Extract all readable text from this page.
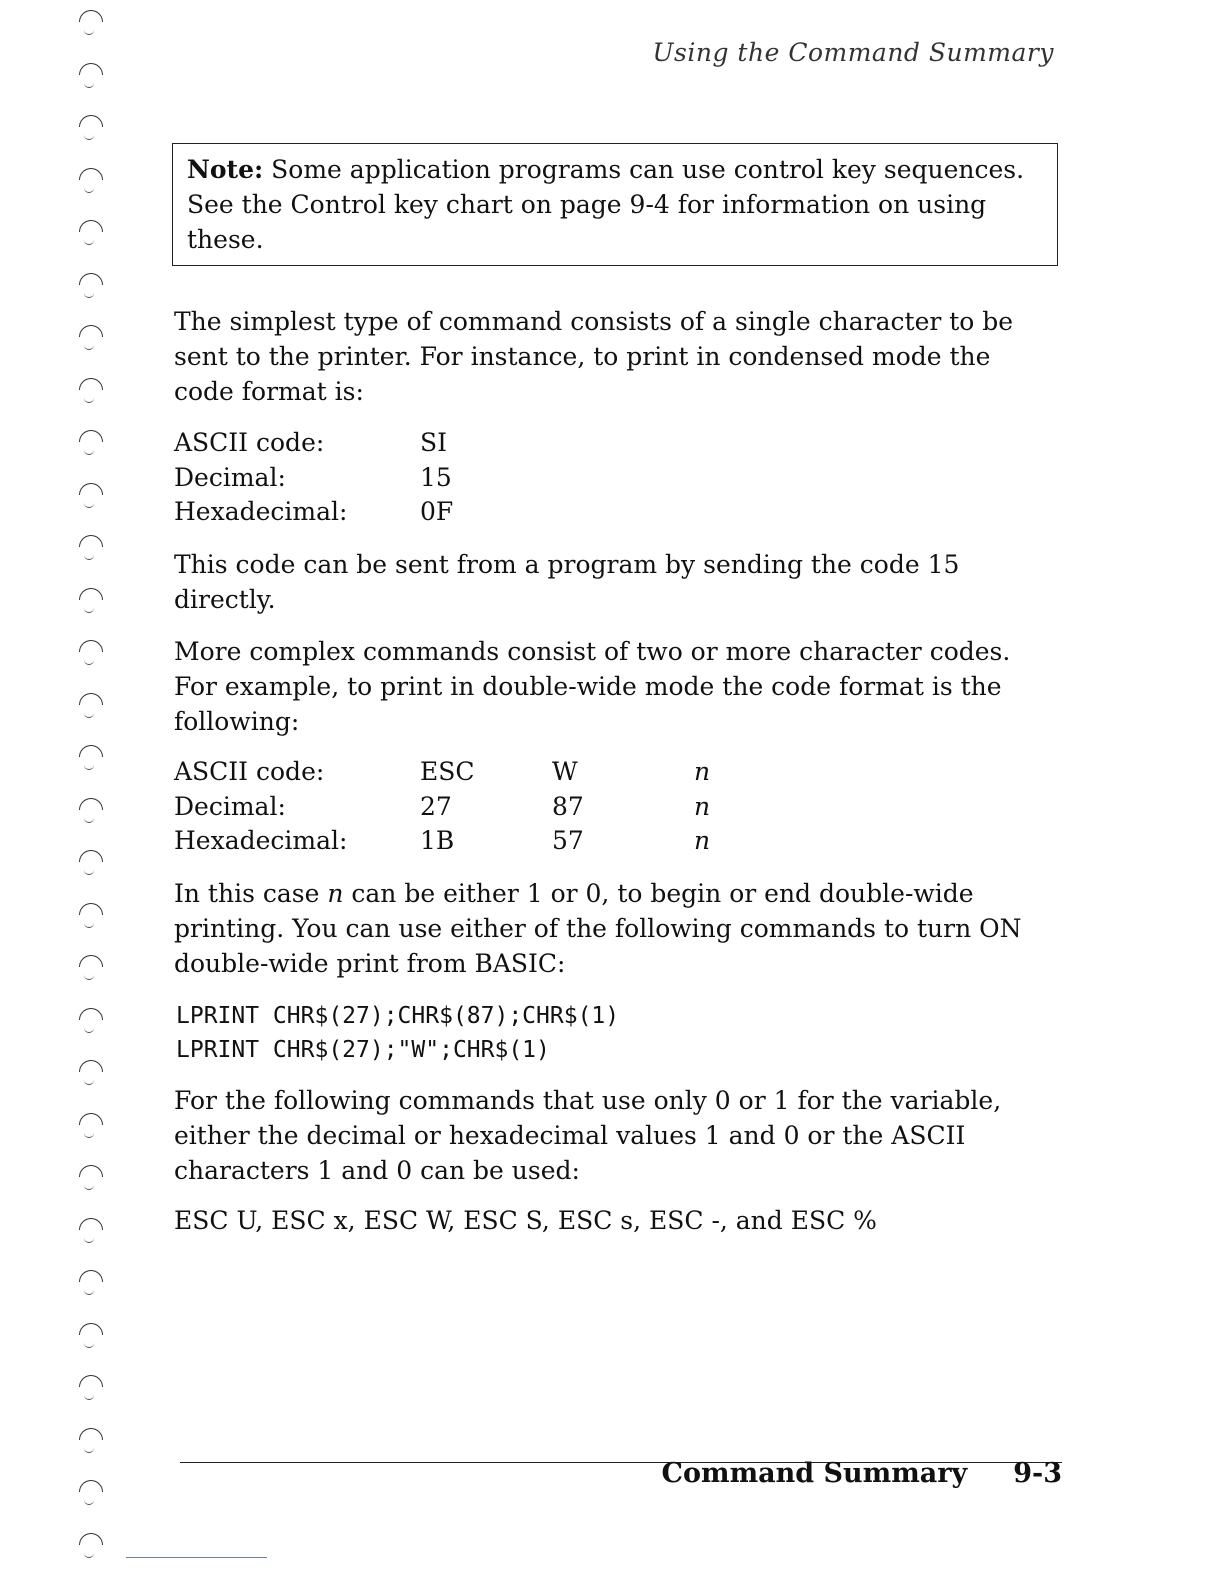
Using the Command Summary

Note: Some application programs can use control key sequences. See the Control key chart on page 9-4 for information on using these.

The simplest type of command consists of a single character to be sent to the printer. For instance, to print in condensed mode the code format is:

ASCII code:	SI
Decimal:	15
Hexadecimal:	0F

This code can be sent from a program by sending the code 15 directly.

More complex commands consist of two or more character codes. For example, to print in double-wide mode the code format is the following:

ASCII code:	ESC	W	n
Decimal:	27	87	n
Hexadecimal:	1B	57	n

In this case n can be either 1 or 0, to begin or end double-wide printing. You can use either of the following commands to turn ON double-wide print from BASIC:

LPRINT CHR$(27);CHR$(87);CHR$(1)
LPRINT CHR$(27);"W";CHR$(1)

For the following commands that use only 0 or 1 for the variable, either the decimal or hexadecimal values 1 and 0 or the ASCII characters 1 and 0 can be used:

ESC U, ESC x, ESC W, ESC S, ESC s, ESC -, and ESC %

Command Summary 9-3
